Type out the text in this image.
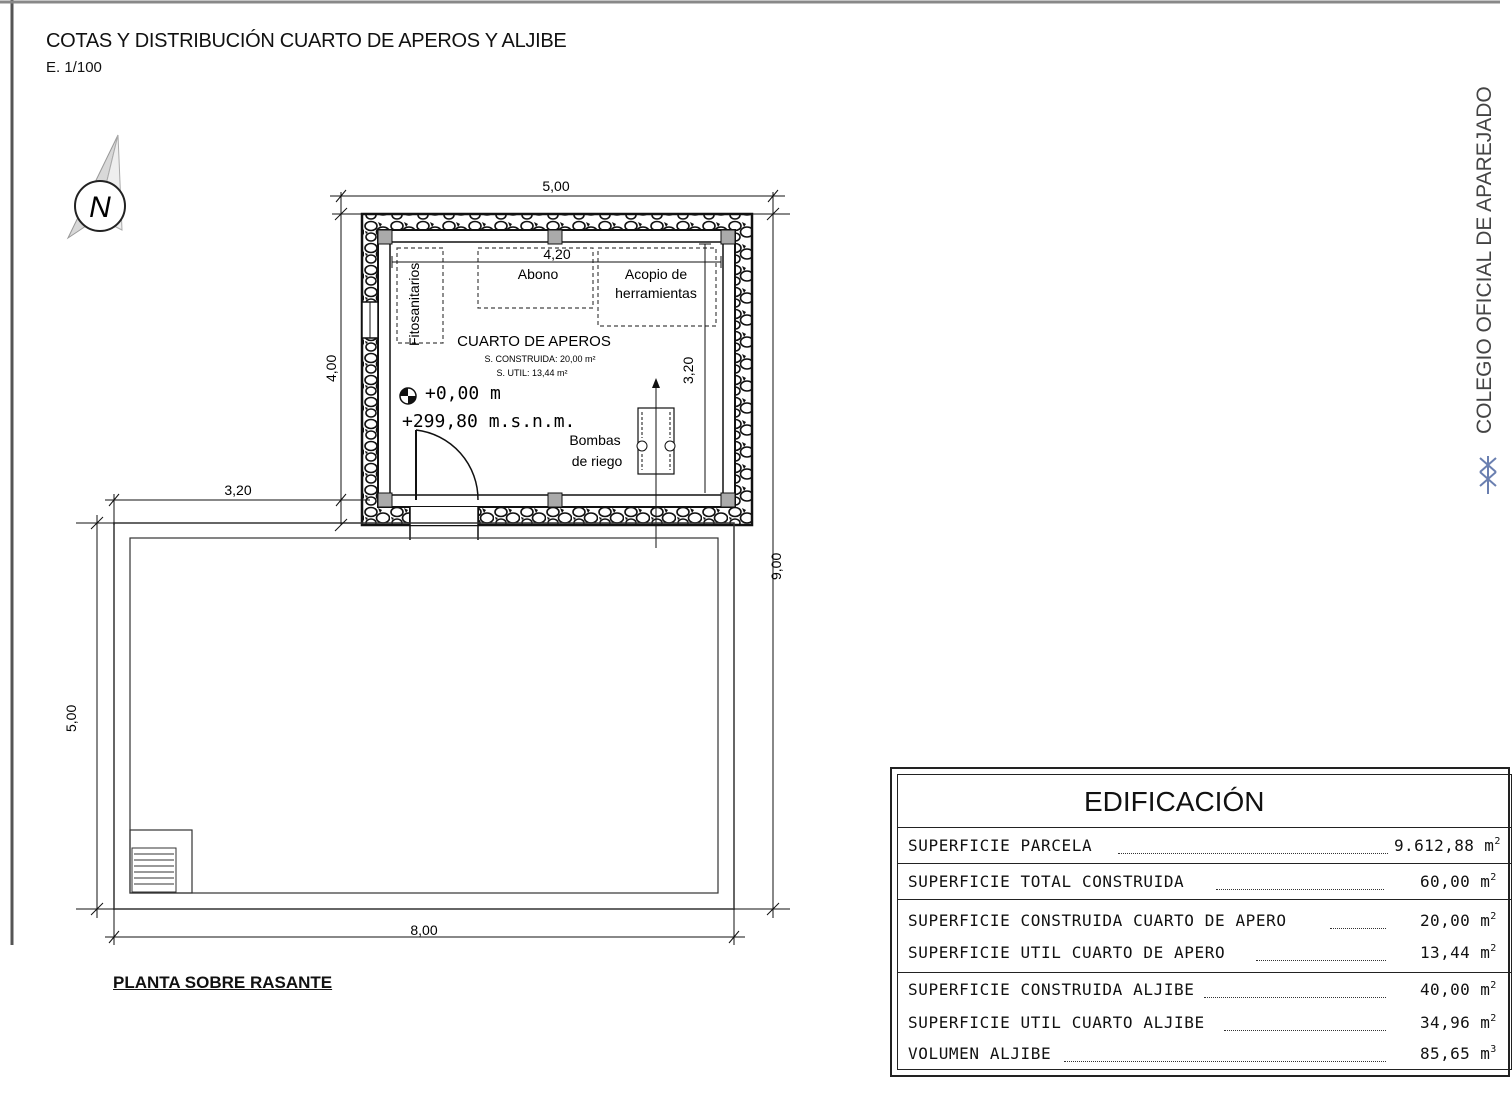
COTAS Y DISTRIBUCIÓN CUARTO DE APEROS Y ALJIBE
E. 1/100
N
Fitosanitarios	Abono	Acopio de
herramientas
4,20
3,20
CUARTO DE APEROS
S. CONSTRUIDA: 20,00 m²
S. UTIL: 13,44 m²
+0,00 m
+299,80 m.s.n.m.
Bombas
de riego
5,00
4,00
3,20
9,00
5,00
8,00
PLANTA SOBRE RASANTE
COLEGIO OFICIAL DE APAREJADO
EDIFICACIÓN
SUPERFICIE PARCELA	9.612,88 $m^2$
SUPERFICIE TOTAL CONSTRUIDA	60,00 $m^2$
SUPERFICIE CONSTRUIDA CUARTO DE APERO	20,00 $m^2$
SUPERFICIE UTIL CUARTO DE APERO	13,44 $m^2$
SUPERFICIE CONSTRUIDA ALJIBE	40,00 $m^2$
SUPERFICIE UTIL CUARTO ALJIBE	34,96 $m^2$
VOLUMEN ALJIBE	85,65 $m^3$
